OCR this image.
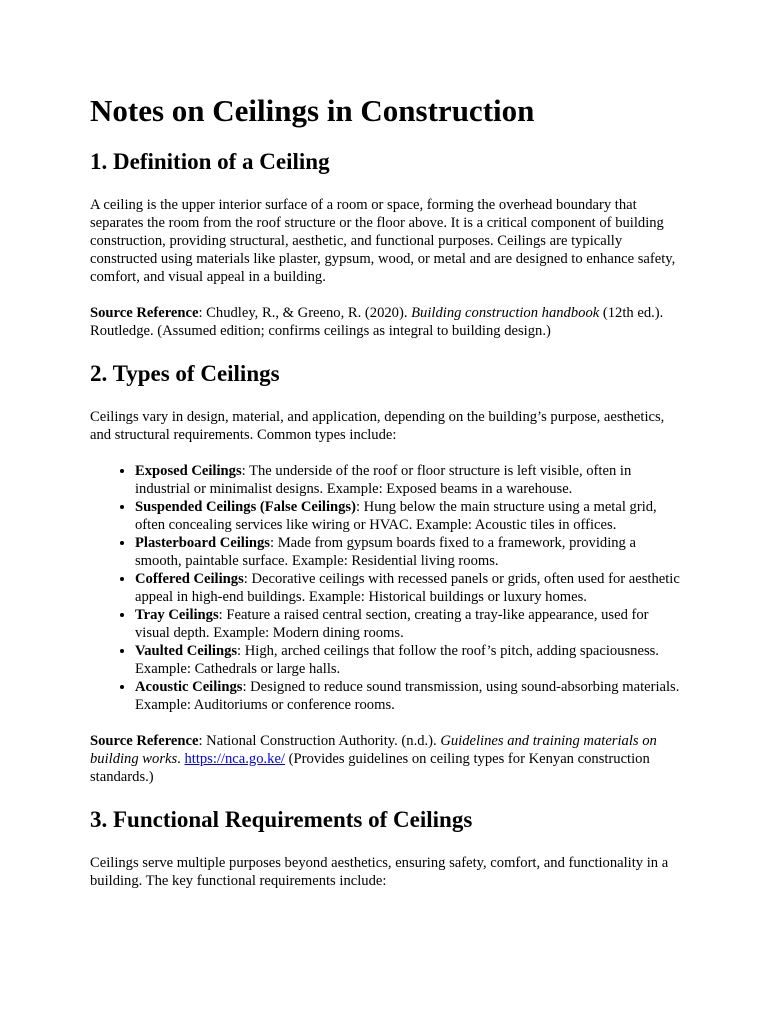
Notes on Ceilings in Construction
1. Definition of a Ceiling

A ceiling is the upper interior surface of a room or space, forming the overhead boundary that separates the room from the roof structure or the floor above. It is a critical component of building construction, providing structural, aesthetic, and functional purposes. Ceilings are typically constructed using materials like plaster, gypsum, wood, or metal and are designed to enhance safety, comfort, and visual appeal in a building.

Source Reference: Chudley, R., & Greeno, R. (2020). Building construction handbook (12th ed.). Routledge. (Assumed edition; confirms ceilings as integral to building design.)

2. Types of Ceilings

Ceilings vary in design, material, and application, depending on the building’s purpose, aesthetics, and structural requirements. Common types include:

• Exposed Ceilings: The underside of the roof or floor structure is left visible, often in industrial or minimalist designs. Example: Exposed beams in a warehouse.
• Suspended Ceilings (False Ceilings): Hung below the main structure using a metal grid, often concealing services like wiring or HVAC. Example: Acoustic tiles in offices.
• Plasterboard Ceilings: Made from gypsum boards fixed to a framework, providing a smooth, paintable surface. Example: Residential living rooms.
• Coffered Ceilings: Decorative ceilings with recessed panels or grids, often used for aesthetic appeal in high-end buildings. Example: Historical buildings or luxury homes.
• Tray Ceilings: Feature a raised central section, creating a tray-like appearance, used for visual depth. Example: Modern dining rooms.
• Vaulted Ceilings: High, arched ceilings that follow the roof’s pitch, adding spaciousness. Example: Cathedrals or large halls.
• Acoustic Ceilings: Designed to reduce sound transmission, using sound-absorbing materials. Example: Auditoriums or conference rooms.

Source Reference: National Construction Authority. (n.d.). Guidelines and training materials on building works. https://nca.go.ke/ (Provides guidelines on ceiling types for Kenyan construction standards.)

3. Functional Requirements of Ceilings

Ceilings serve multiple purposes beyond aesthetics, ensuring safety, comfort, and functionality in a building. The key functional requirements include:
